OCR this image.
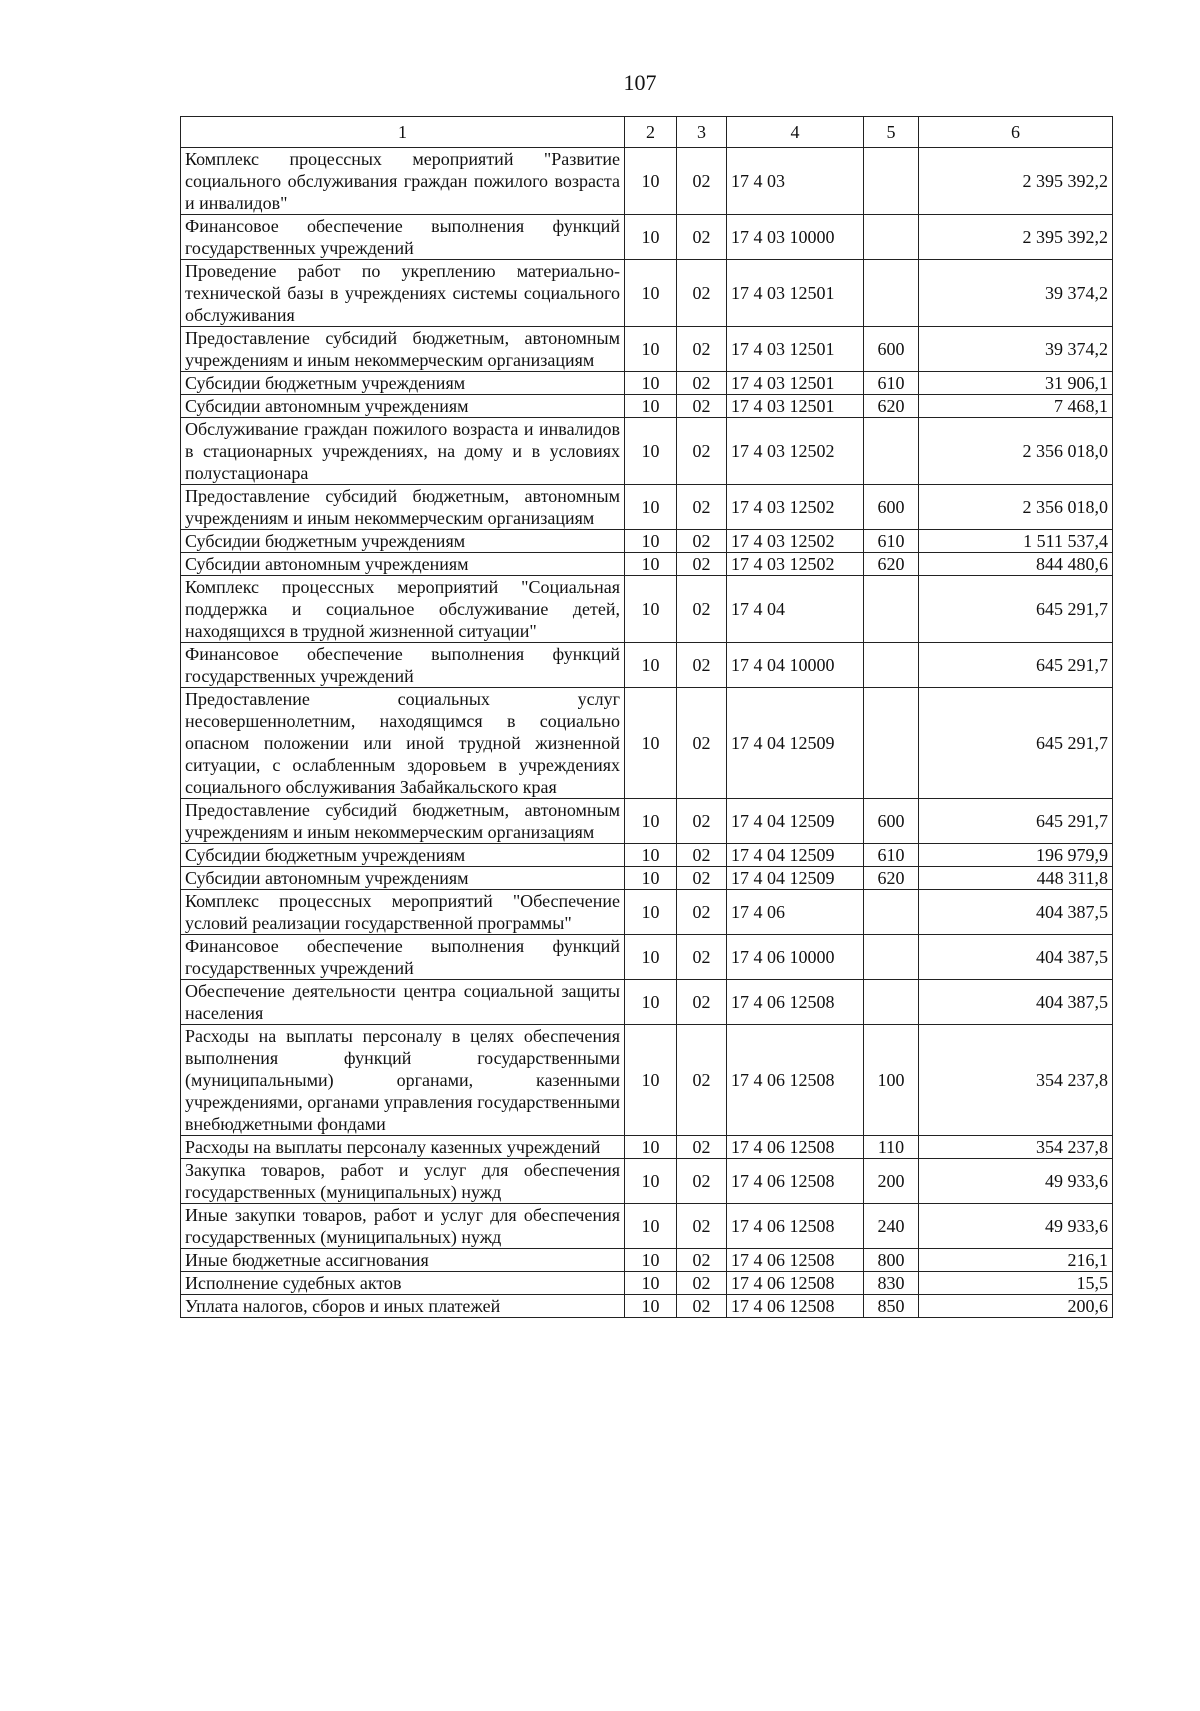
107
1	2	3	4	5	6
Комплекс процессных мероприятий "Развитие социального обслуживания граждан пожилого возраста и инвалидов"	10	02	17 4 03		2 395 392,2
Финансовое обеспечение выполнения функций государственных учреждений	10	02	17 4 03 10000		2 395 392,2
Проведение работ по укреплению материально-технической базы в учреждениях системы социального обслуживания	10	02	17 4 03 12501		39 374,2
Предоставление субсидий бюджетным, автономным учреждениям и иным некоммерческим организациям	10	02	17 4 03 12501	600	39 374,2
Субсидии бюджетным учреждениям	10	02	17 4 03 12501	610	31 906,1
Субсидии автономным учреждениям	10	02	17 4 03 12501	620	7 468,1
Обслуживание граждан пожилого возраста и инвалидов в стационарных учреждениях, на дому и в условиях полустационара	10	02	17 4 03 12502		2 356 018,0
Предоставление субсидий бюджетным, автономным учреждениям и иным некоммерческим организациям	10	02	17 4 03 12502	600	2 356 018,0
Субсидии бюджетным учреждениям	10	02	17 4 03 12502	610	1 511 537,4
Субсидии автономным учреждениям	10	02	17 4 03 12502	620	844 480,6
Комплекс процессных мероприятий "Социальная поддержка и социальное обслуживание детей, находящихся в трудной жизненной ситуации"	10	02	17 4 04		645 291,7
Финансовое обеспечение выполнения функций государственных учреждений	10	02	17 4 04 10000		645 291,7
Предоставление социальных услуг несовершеннолетним, находящимся в социально опасном положении или иной трудной жизненной ситуации, с ослабленным здоровьем в учреждениях социального обслуживания Забайкальского края	10	02	17 4 04 12509		645 291,7
Предоставление субсидий бюджетным, автономным учреждениям и иным некоммерческим организациям	10	02	17 4 04 12509	600	645 291,7
Субсидии бюджетным учреждениям	10	02	17 4 04 12509	610	196 979,9
Субсидии автономным учреждениям	10	02	17 4 04 12509	620	448 311,8
Комплекс процессных мероприятий "Обеспечение условий реализации государственной программы"	10	02	17 4 06		404 387,5
Финансовое обеспечение выполнения функций государственных учреждений	10	02	17 4 06 10000		404 387,5
Обеспечение деятельности центра социальной защиты населения	10	02	17 4 06 12508		404 387,5
Расходы на выплаты персоналу в целях обеспечения выполнения функций государственными (муниципальными) органами, казенными учреждениями, органами управления государственными внебюджетными фондами	10	02	17 4 06 12508	100	354 237,8
Расходы на выплаты персоналу казенных учреждений	10	02	17 4 06 12508	110	354 237,8
Закупка товаров, работ и услуг для обеспечения государственных (муниципальных) нужд	10	02	17 4 06 12508	200	49 933,6
Иные закупки товаров, работ и услуг для обеспечения государственных (муниципальных) нужд	10	02	17 4 06 12508	240	49 933,6
Иные бюджетные ассигнования	10	02	17 4 06 12508	800	216,1
Исполнение судебных актов	10	02	17 4 06 12508	830	15,5
Уплата налогов, сборов и иных платежей	10	02	17 4 06 12508	850	200,6
